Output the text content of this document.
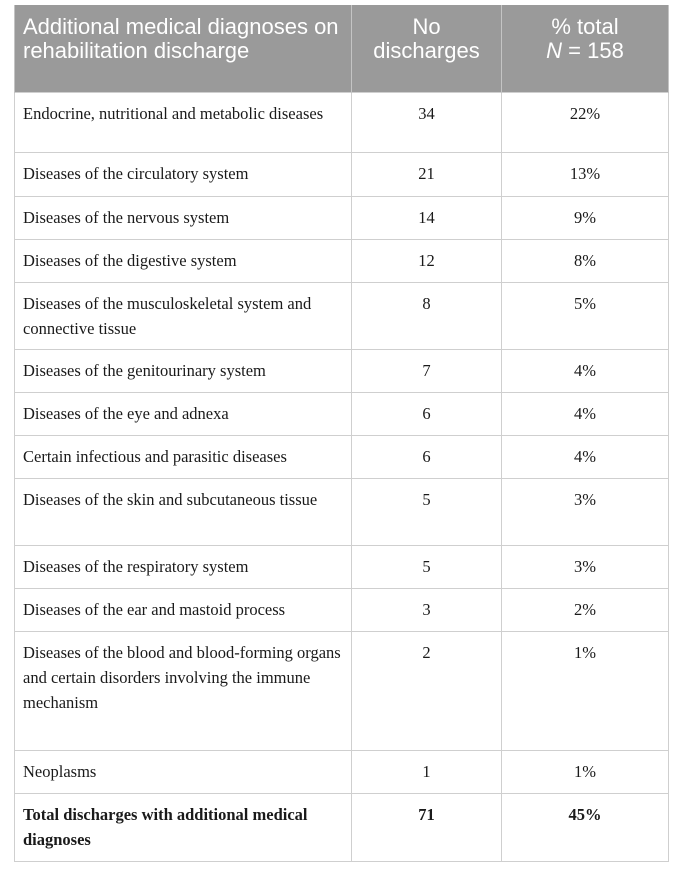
Additional medical diagnoses on rehabilitation discharge	No discharges	% total
N = 158
Endocrine, nutritional and metabolic diseases	34	22%
Diseases of the circulatory system	21	13%
Diseases of the nervous system	14	9%
Diseases of the digestive system	12	8%
Diseases of the musculoskeletal system and connective tissue	8	5%
Diseases of the genitourinary system	7	4%
Diseases of the eye and adnexa	6	4%
Certain infectious and parasitic diseases	6	4%
Diseases of the skin and subcutaneous tissue	5	3%
Diseases of the respiratory system	5	3%
Diseases of the ear and mastoid process	3	2%
Diseases of the blood and blood-forming organs and certain disorders involving the immune mechanism	2	1%
Neoplasms	1	1%
Total discharges with additional medical diagnoses	71	45%
